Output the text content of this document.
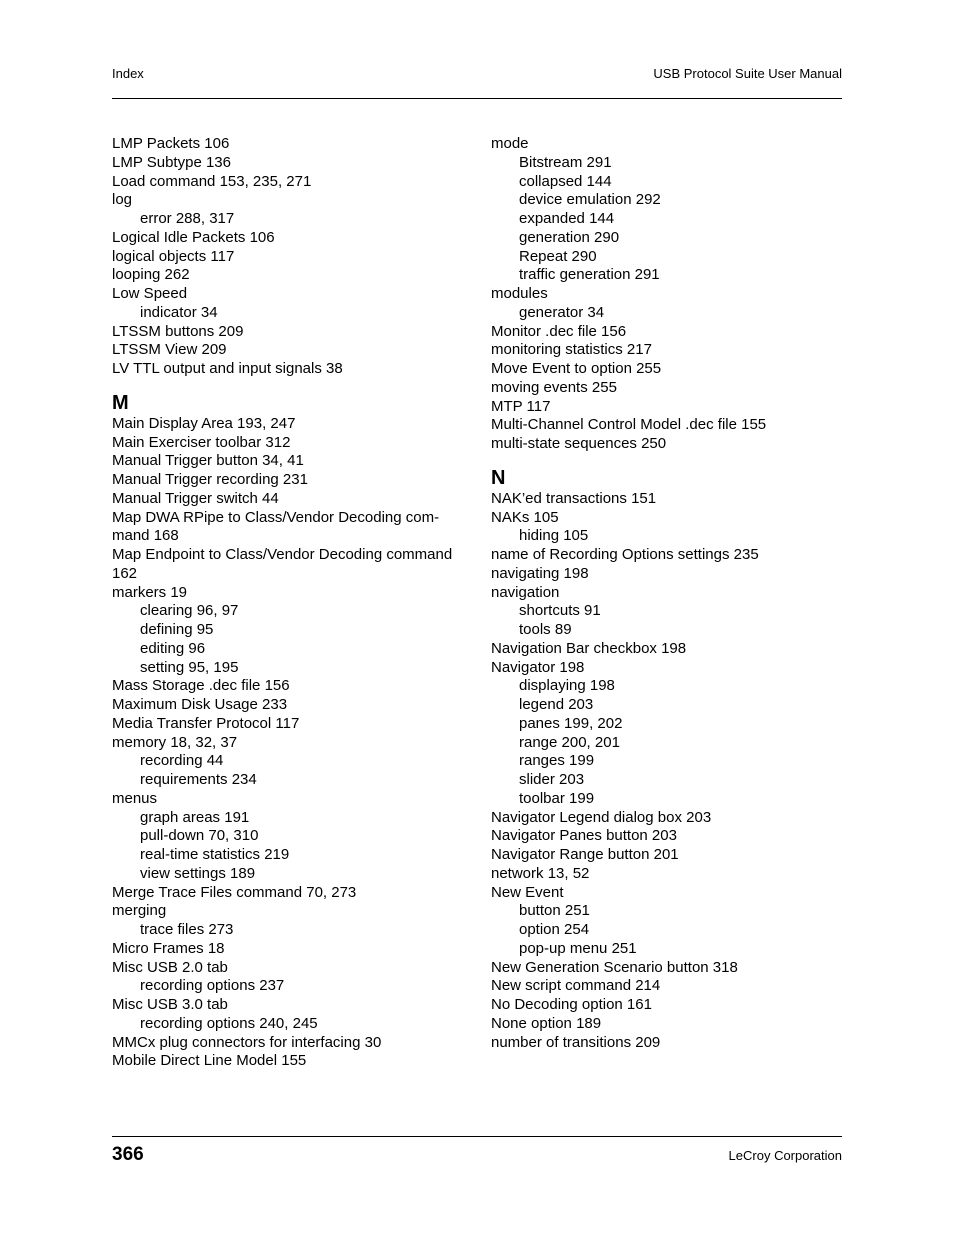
Index	USB Protocol Suite User Manual
LMP Packets 106
LMP Subtype 136
Load command 153, 235, 271
log
error 288, 317
Logical Idle Packets 106
logical objects 117
looping 262
Low Speed
indicator 34
LTSSM buttons 209
LTSSM View 209
LV TTL output and input signals 38
M
Main Display Area 193, 247
Main Exerciser toolbar 312
Manual Trigger button 34, 41
Manual Trigger recording 231
Manual Trigger switch 44
Map DWA RPipe to Class/Vendor Decoding com-
mand 168
Map Endpoint to Class/Vendor Decoding command
162
markers 19
clearing 96, 97
defining 95
editing 96
setting 95, 195
Mass Storage .dec file 156
Maximum Disk Usage 233
Media Transfer Protocol 117
memory 18, 32, 37
recording 44
requirements 234
menus
graph areas 191
pull-down 70, 310
real-time statistics 219
view settings 189
Merge Trace Files command 70, 273
merging
trace files 273
Micro Frames 18
Misc USB 2.0 tab
recording options 237
Misc USB 3.0 tab
recording options 240, 245
MMCx plug connectors for interfacing 30
Mobile Direct Line Model 155
mode
Bitstream 291
collapsed 144
device emulation 292
expanded 144
generation 290
Repeat 290
traffic generation 291
modules
generator 34
Monitor .dec file 156
monitoring statistics 217
Move Event to option 255
moving events 255
MTP 117
Multi-Channel Control Model .dec file 155
multi-state sequences 250
N
NAK’ed transactions 151
NAKs 105
hiding 105
name of Recording Options settings 235
navigating 198
navigation
shortcuts 91
tools 89
Navigation Bar checkbox 198
Navigator 198
displaying 198
legend 203
panes 199, 202
range 200, 201
ranges 199
slider 203
toolbar 199
Navigator Legend dialog box 203
Navigator Panes button 203
Navigator Range button 201
network 13, 52
New Event
button 251
option 254
pop-up menu 251
New Generation Scenario button 318
New script command 214
No Decoding option 161
None option 189
number of transitions 209
366	LeCroy Corporation
